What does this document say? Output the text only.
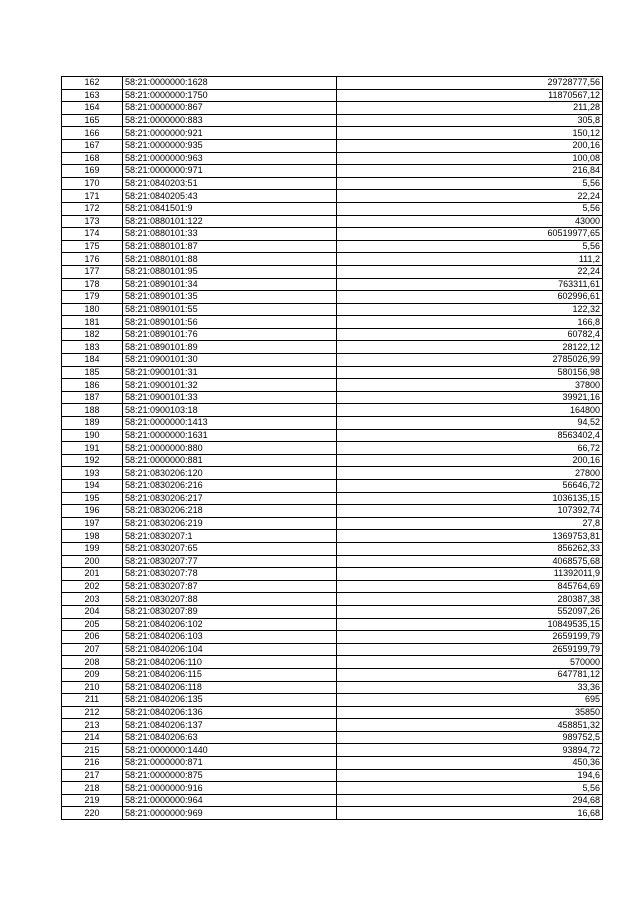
162	58:21:0000000:1628	29728777,56
163	58:21:0000000:1750	11870567,12
164	58:21:0000000:867	211,28
165	58:21:0000000:883	305,8
166	58:21:0000000:921	150,12
167	58:21:0000000:935	200,16
168	58:21:0000000:963	100,08
169	58:21:0000000:971	216,84
170	58:21:0840203:51	5,56
171	58:21:0840205:43	22,24
172	58:21:0841501:9	5,56
173	58:21:0880101:122	43000
174	58:21:0880101:33	60519977,65
175	58:21:0880101:87	5,56
176	58:21:0880101:88	111,2
177	58:21:0880101:95	22,24
178	58:21:0890101:34	763311,61
179	58:21:0890101:35	602996,61
180	58:21:0890101:55	122,32
181	58:21:0890101:56	166,8
182	58:21:0890101:76	60782,4
183	58:21:0890101:89	28122,12
184	58:21:0900101:30	2785026,99
185	58:21:0900101:31	580156,98
186	58:21:0900101:32	37800
187	58:21:0900101:33	39921,16
188	58:21:0900103:18	164800
189	58:21:0000000:1413	94,52
190	58:21:0000000:1631	8563402,4
191	58:21:0000000:880	66,72
192	58:21:0000000:881	200,16
193	58:21:0830206:120	27800
194	58:21:0830206:216	56646,72
195	58:21:0830206:217	1036135,15
196	58:21:0830206:218	107392,74
197	58:21:0830206:219	27,8
198	58:21:0830207:1	1369753,81
199	58:21:0830207:65	856262,33
200	58:21:0830207:77	4068575,68
201	58:21:0830207:78	11392011,9
202	58:21:0830207:87	845764,69
203	58:21:0830207:88	280387,38
204	58:21:0830207:89	552097,26
205	58:21:0840206:102	10849535,15
206	58:21:0840206:103	2659199,79
207	58:21:0840206:104	2659199,79
208	58:21:0840206:110	570000
209	58:21:0840206:115	647781,12
210	58:21:0840206:118	33,36
211	58:21:0840206:135	695
212	58:21:0840206:136	35850
213	58:21:0840206:137	458851,32
214	58:21:0840206:63	989752,5
215	58:21:0000000:1440	93894,72
216	58:21:0000000:871	450,36
217	58:21:0000000:875	194,6
218	58:21:0000000:916	5,56
219	58:21:0000000:964	294,68
220	58:21:0000000:969	16,68
